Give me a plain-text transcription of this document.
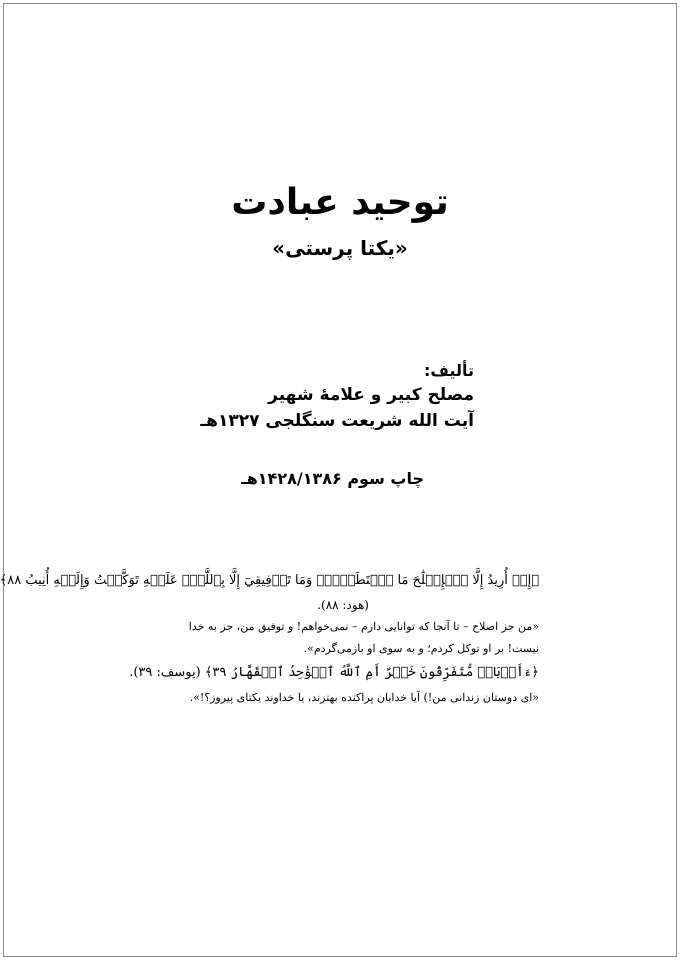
توحید عبادت
«یکتا پرستی»
تألیف:
مصلح کبیر و علامهٔ شهیر
آیت الله شریعت سنگلجی ۱۳۲۷هـ
چاپ سوم ۱۴۲۸/۱۳۸۶هـ
﴿إِنۡ أُرِيدُ إِلَّا ٱلۡإِصۡلَٰحَ مَا ٱسۡتَطَعۡتُۚ وَمَا تَوۡفِيقِيٓ إِلَّا بِٱللَّهِۚ عَلَيۡهِ تَوَكَّلۡتُ وَإِلَيۡهِ أُنِيبُ ٨٨﴾
(هود: ۸۸).
«من جز اصلاح – تا آنجا که توانایی دارم – نمی‌خواهم! و توفیق من، جز به خدا
نیست! بر او توکل کردم؛ و به سوی او بازمی‌گردم».
﴿ءَأَرۡبَابٞ مُّتَفَرِّقُونَ خَيۡرٌ أَمِ ٱللَّهُ ٱلۡوَٰحِدُ ٱلۡقَهَّارُ ٣٩﴾ (یوسف: ۳۹).
«ای دوستان زندانی من!) آیا خدایان پراکنده بهترند، یا خداوند یکتای پیروز؟!».
